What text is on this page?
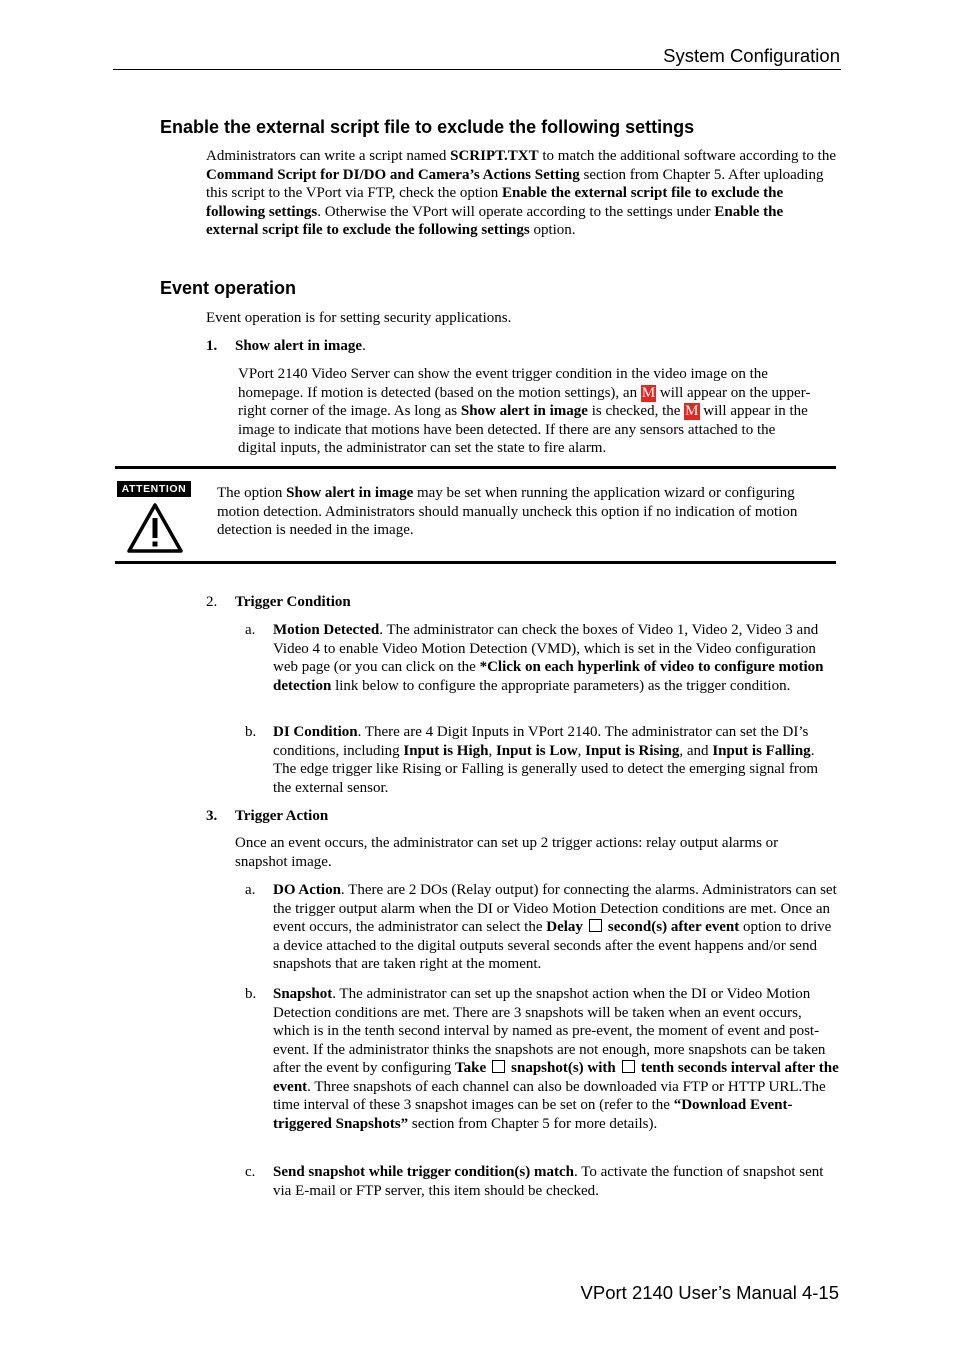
System Configuration
Enable the external script file to exclude the following settings

Administrators can write a script named SCRIPT.TXT to match the additional software according to the Command Script for DI/DO and Camera’s Actions Setting section from Chapter 5. After uploading this script to the VPort via FTP, check the option Enable the external script file to exclude the following settings. Otherwise the VPort will operate according to the settings under Enable the external script file to exclude the following settings option.

Event operation

Event operation is for setting security applications.

1. Show alert in image.

VPort 2140 Video Server can show the event trigger condition in the video image on the homepage. If motion is detected (based on the motion settings), an M will appear on the upper-right corner of the image. As long as Show alert in image is checked, the M will appear in the image to indicate that motions have been detected. If there are any sensors attached to the digital inputs, the administrator can set the state to fire alarm.

ATTENTION	The option Show alert in image may be set when running the application wizard or configuring motion detection. Administrators should manually uncheck this option if no indication of motion detection is needed in the image.

2. Trigger Condition
a. Motion Detected. The administrator can check the boxes of Video 1, Video 2, Video 3 and Video 4 to enable Video Motion Detection (VMD), which is set in the Video configuration web page (or you can click on the *Click on each hyperlink of video to configure motion detection link below to configure the appropriate parameters) as the trigger condition.

b. DI Condition. There are 4 Digit Inputs in VPort 2140. The administrator can set the DI’s conditions, including Input is High, Input is Low, Input is Rising, and Input is Falling. The edge trigger like Rising or Falling is generally used to detect the emerging signal from the external sensor.

3. Trigger Action

Once an event occurs, the administrator can set up 2 trigger actions: relay output alarms or snapshot image.

a. DO Action. There are 2 DOs (Relay output) for connecting the alarms. Administrators can set the trigger output alarm when the DI or Video Motion Detection conditions are met. Once an event occurs, the administrator can select the Delay second(s) after event option to drive a device attached to the digital outputs several seconds after the event happens and/or send snapshots that are taken right at the moment.

b. Snapshot. The administrator can set up the snapshot action when the DI or Video Motion Detection conditions are met. There are 3 snapshots will be taken when an event occurs, which is in the tenth second interval by named as pre-event, the moment of event and post-event. If the administrator thinks the snapshots are not enough, more snapshots can be taken after the event by configuring Take snapshot(s) with tenth seconds interval after the event. Three snapshots of each channel can also be downloaded via FTP or HTTP URL.The time interval of these 3 snapshot images can be set on (refer to the “Download Event-triggered Snapshots” section from Chapter 5 for more details).

c. Send snapshot while trigger condition(s) match. To activate the function of snapshot sent via E-mail or FTP server, this item should be checked.

VPort 2140 User’s Manual 4-15
